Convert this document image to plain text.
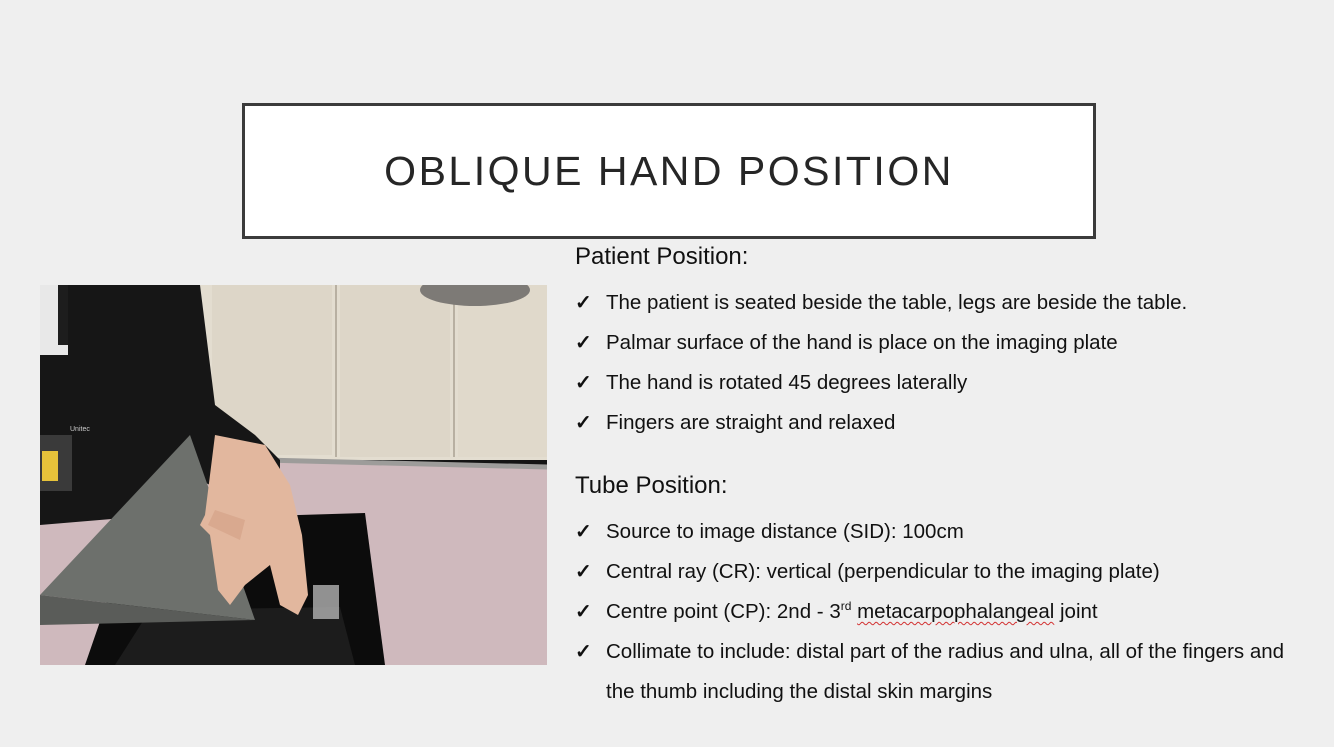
OBLIQUE HAND POSITION
Unitec

Patient Position:

✓ The patient is seated beside the table, legs are beside the table.
✓ Palmar surface of the hand is place on the imaging plate
✓ The hand is rotated 45 degrees laterally
✓ Fingers are straight and relaxed

Tube Position:

✓ Source to image distance (SID): 100cm
✓ Central ray (CR): vertical (perpendicular to the imaging plate)
✓ Centre point (CP): 2nd - 3rd metacarpophalangeal joint
✓ Collimate to include: distal part of the radius and ulna, all of the fingers and the thumb including the distal skin margins
